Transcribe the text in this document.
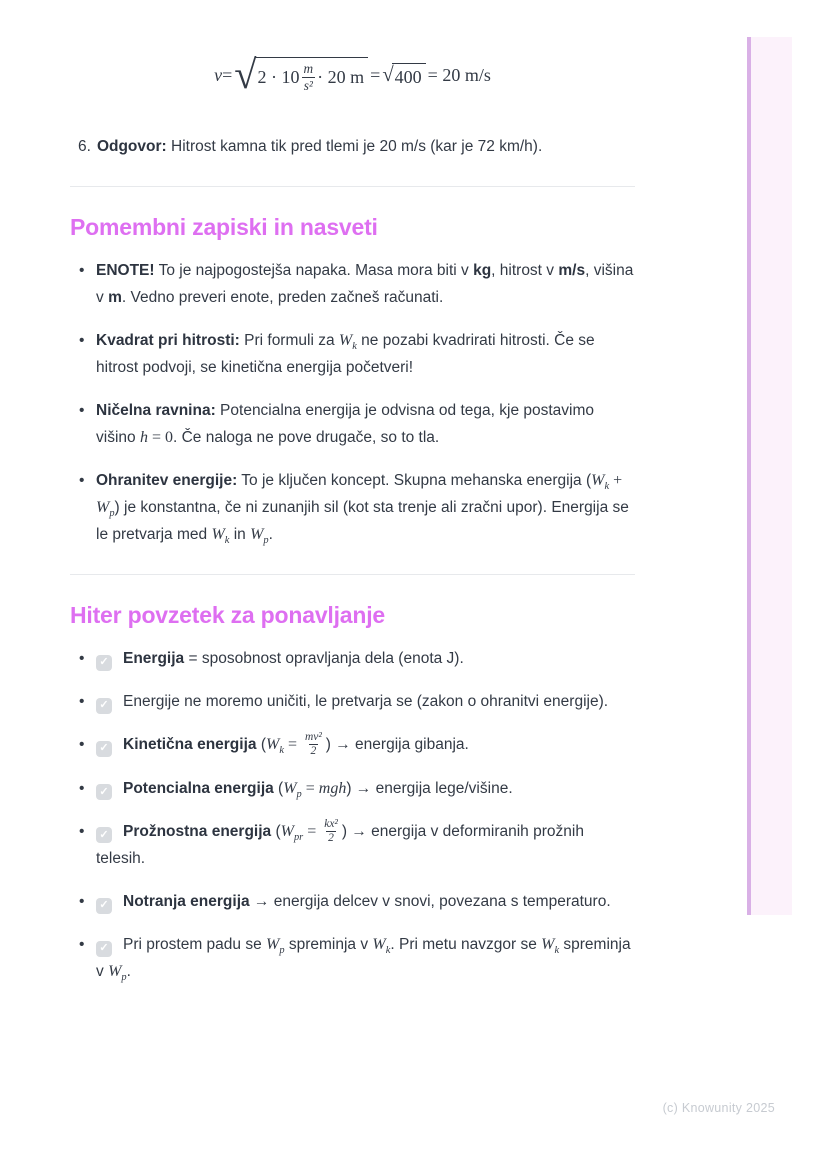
v = √ $2 \cdot 10 \frac{m}{\text{s²}} \cdot 20$ m = √ 400 = 20 m/s
6. Odgovor: Hitrost kamna tik pred tlemi je 20 m/s (kar je 72 km/h).
Pomembni zapiski in nasveti
• ENOTE! To je najpogostejša napaka. Masa mora biti v kg, hitrost v m/s, višina v m. Vedno preveri enote, preden začneš računati.
• Kvadrat pri hitrosti: Pri formuli za $W_k$ ne pozabi kvadrirati hitrosti. Če se hitrost podvoji, se kinetična energija početveri!
• Ničelna ravnina: Potencialna energija je odvisna od tega, kje postavimo višino h = 0. Če naloga ne pove drugače, so to tla.
• Ohranitev energije: To je ključen koncept. Skupna mehanska energija $(W_k + W_p)$ je konstantna, če ni zunanjih sil (kot sta trenje ali zračni upor). Energija se le pretvarja med $W_k$ in $W_p$.
Hiter povzetek za ponavljanje
• ✓ Energija = sposobnost opravljanja dela (enota J).
• ✓ Energije ne moremo uničiti, le pretvarja se (zakon o ohranitvi energije).
• ✓ Kinetična energija ($W_k = \frac{\text{mv²}}{2}$ ) → energija gibanja.
• ✓ Potencialna energija $(W_p = mgh)$ → energija lege/višine.
• ✓ Prožnostna energija ($W_{pr} = \frac{\text{kx²}}{2}$ ) → energija v deformiranih prožnih telesih.
• ✓ Notranja energija → energija delcev v snovi, povezana s temperaturo.
• ✓ Pri prostem padu se $W_p$ spreminja v $W_k$. Pri metu navzgor se $W_k$ spreminja v $W_p$.
(c) Knowunity 2025
